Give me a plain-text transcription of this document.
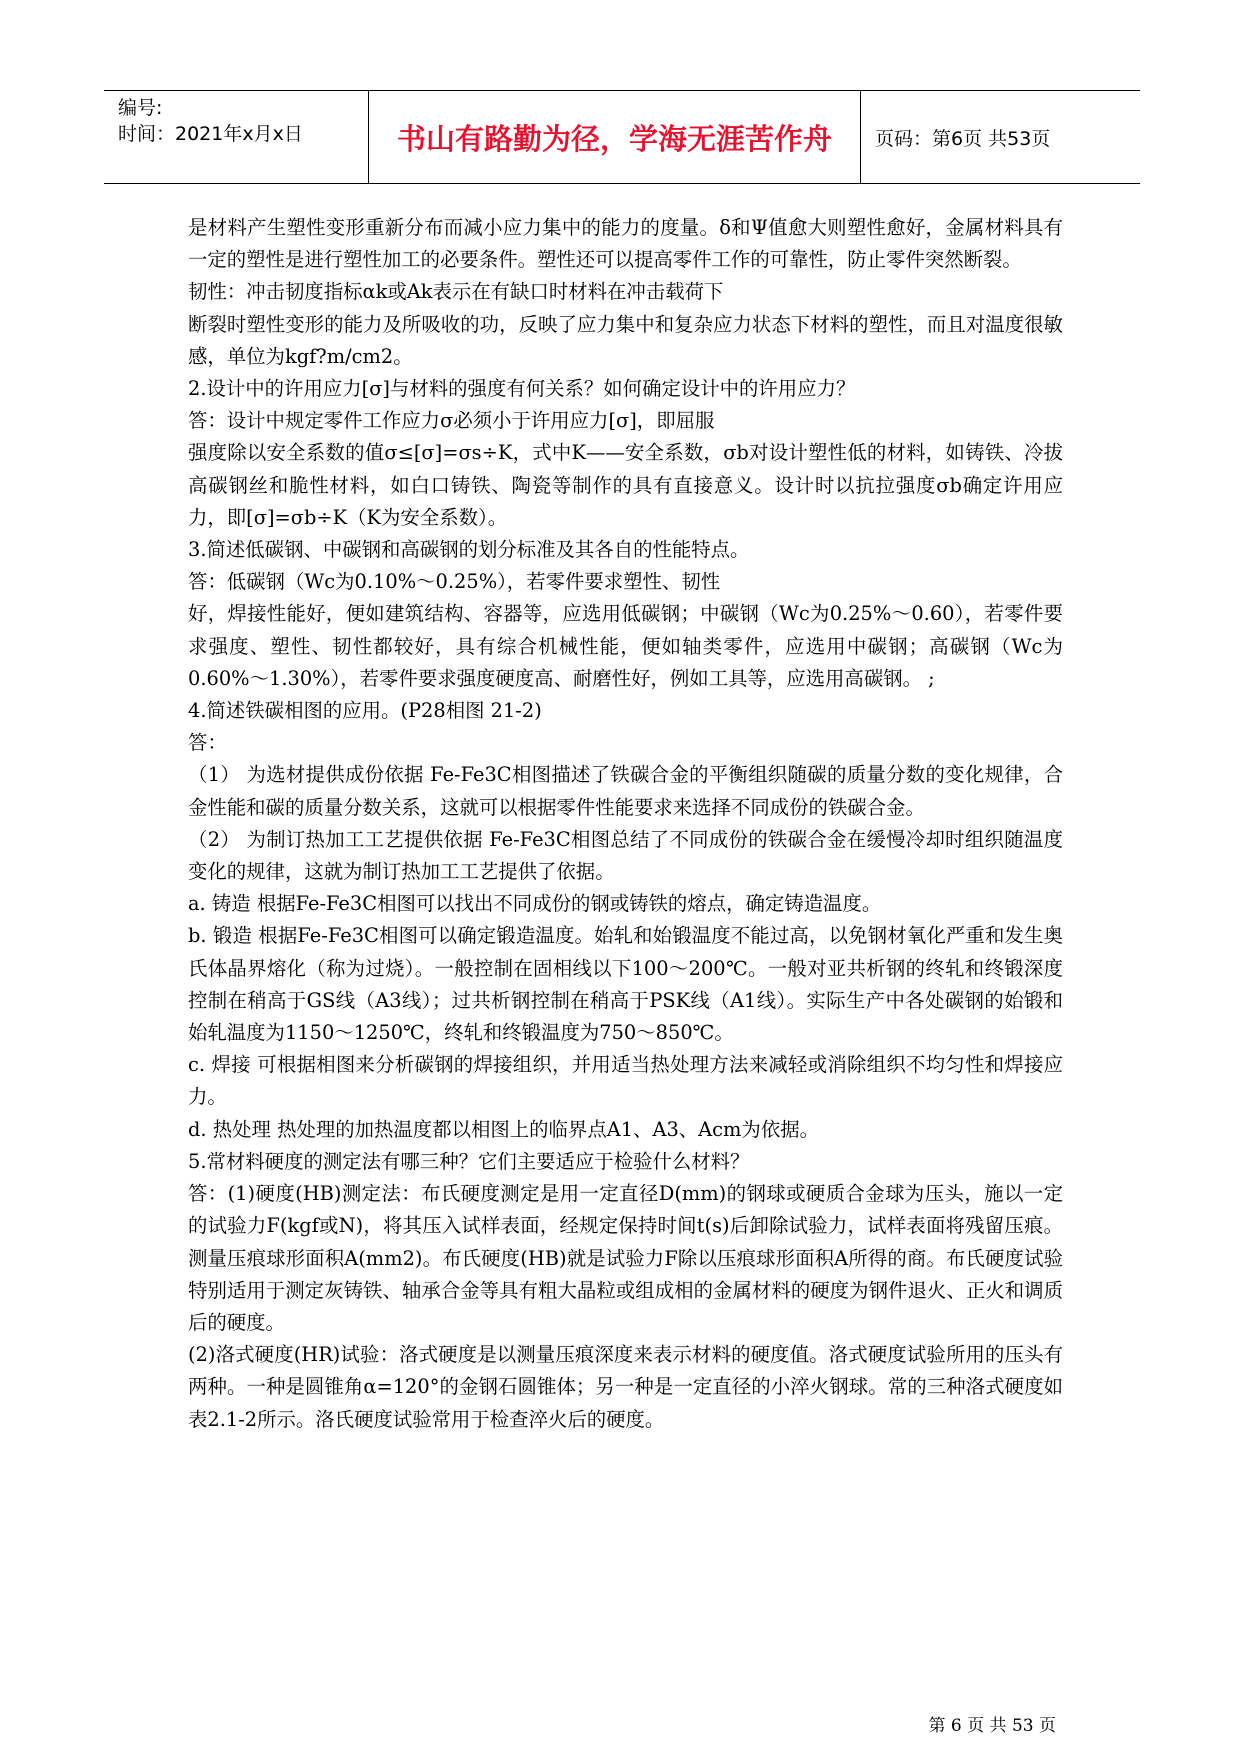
编号:
时间：2021年x月x日	书山有路勤为径，学海无涯苦作舟 页码：第6页 共53页

是材料产生塑性变形重新分布而减小应力集中的能力的度量。δ和Ψ值愈大则塑性愈好，金属材料具有一定的塑性是进行塑性加工的必要条件。塑性还可以提高零件工作的可靠性，防止零件突然断裂。

韧性：冲击韧度指标αk或Ak表示在有缺口时材料在冲击载荷下

断裂时塑性变形的能力及所吸收的功，反映了应力集中和复杂应力状态下材料的塑性，而且对温度很敏感，单位为kgf?m/cm2。

2.设计中的许用应力[σ]与材料的强度有何关系？如何确定设计中的许用应力？

答：设计中规定零件工作应力σ必须小于许用应力[σ]，即屈服

强度除以安全系数的值σ≤[σ]=σs÷K，式中K——安全系数，σb对设计塑性低的材料，如铸铁、冷拔高碳钢丝和脆性材料，如白口铸铁、陶瓷等制作的具有直接意义。设计时以抗拉强度σb确定许用应力，即[σ]=σb÷K（K为安全系数）。

3.简述低碳钢、中碳钢和高碳钢的划分标准及其各自的性能特点。

答：低碳钢（Wc为0.10%～0.25%），若零件要求塑性、韧性

好，焊接性能好，便如建筑结构、容器等，应选用低碳钢；中碳钢（Wc为0.25%～0.60），若零件要求强度、塑性、韧性都较好，具有综合机械性能，便如轴类零件，应选用中碳钢；高碳钢（Wc为0.60%～1.30%），若零件要求强度硬度高、耐磨性好，例如工具等，应选用高碳钢。 ;

4.简述铁碳相图的应用。(P28相图 21-2)

答：

（1） 为选材提供成份依据 Fe-Fe3C相图描述了铁碳合金的平衡组织随碳的质量分数的变化规律，合金性能和碳的质量分数关系，这就可以根据零件性能要求来选择不同成份的铁碳合金。

（2） 为制订热加工工艺提供依据 Fe-Fe3C相图总结了不同成份的铁碳合金在缓慢冷却时组织随温度变化的规律，这就为制订热加工工艺提供了依据。

a. 铸造 根据Fe-Fe3C相图可以找出不同成份的钢或铸铁的熔点，确定铸造温度。

b. 锻造 根据Fe-Fe3C相图可以确定锻造温度。始轧和始锻温度不能过高，以免钢材氧化严重和发生奥氏体晶界熔化（称为过烧）。一般控制在固相线以下100～200℃。一般对亚共析钢的终轧和终锻深度控制在稍高于GS线（A3线）；过共析钢控制在稍高于PSK线（A1线）。实际生产中各处碳钢的始锻和始轧温度为1150～1250℃，终轧和终锻温度为750～850℃。

c. 焊接 可根据相图来分析碳钢的焊接组织，并用适当热处理方法来减轻或消除组织不均匀性和焊接应力。

d. 热处理 热处理的加热温度都以相图上的临界点A1、A3、Acm为依据。

5.常材料硬度的测定法有哪三种？它们主要适应于检验什么材料？

答：(1)硬度(HB)测定法：布氏硬度测定是用一定直径D(mm)的钢球或硬质合金球为压头，施以一定的试验力F(kgf或N)，将其压入试样表面，经规定保持时间t(s)后卸除试验力，试样表面将残留压痕。测量压痕球形面积A(mm2)。布氏硬度(HB)就是试验力F除以压痕球形面积A所得的商。布氏硬度试验特别适用于测定灰铸铁、轴承合金等具有粗大晶粒或组成相的金属材料的硬度为钢件退火、正火和调质后的硬度。

(2)洛式硬度(HR)试验：洛式硬度是以测量压痕深度来表示材料的硬度值。洛式硬度试验所用的压头有两种。一种是圆锥角α=120°的金钢石圆锥体；另一种是一定直径的小淬火钢球。常的三种洛式硬度如表2.1-2所示。洛氏硬度试验常用于检查淬火后的硬度。

第 6 页 共 53 页
